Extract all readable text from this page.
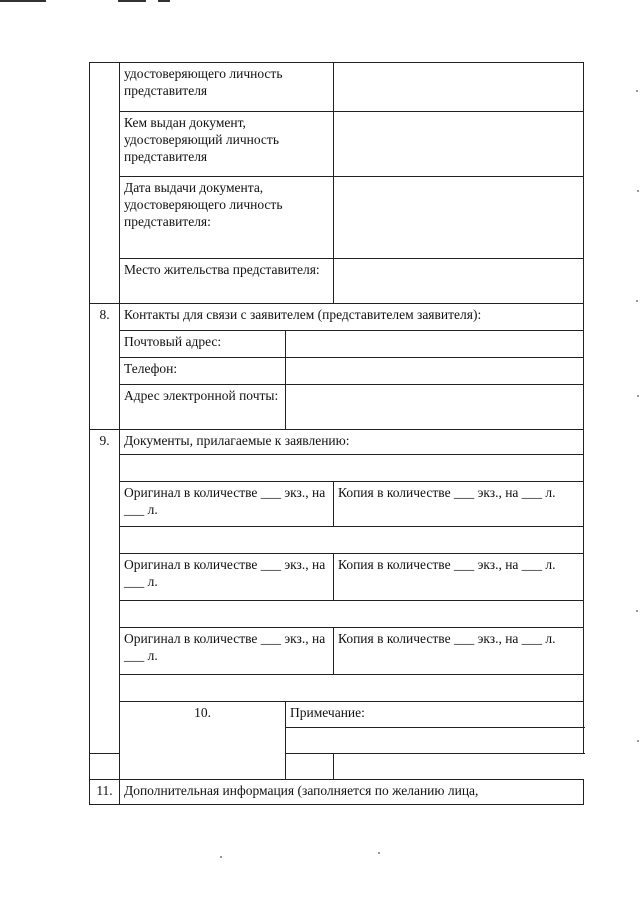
	удостоверяющего личность представителя		
	Кем выдан документ, удостоверяющий личность представителя		
	Дата выдачи документа, удостоверяющего личность представителя:		
	Место жительства представителя:		
8.	Контакты для связи с заявителем (представителем заявителя):		
	Почтовый адрес:		
	Телефон:		
	Адрес электронной почты:		
9.	Документы, прилагаемые к заявлению:		

	Оригинал в количестве ___ экз., на ___ л.		Копия в количестве ___ экз., на ___ л.

	Оригинал в количестве ___ экз., на ___ л.		Копия в количестве ___ экз., на ___ л.

	Оригинал в количестве ___ экз., на ___ л.		Копия в количестве ___ экз., на ___ л.

	10.	Примечание:	

11.	Дополнительная информация (заполняется по желанию лица,		
